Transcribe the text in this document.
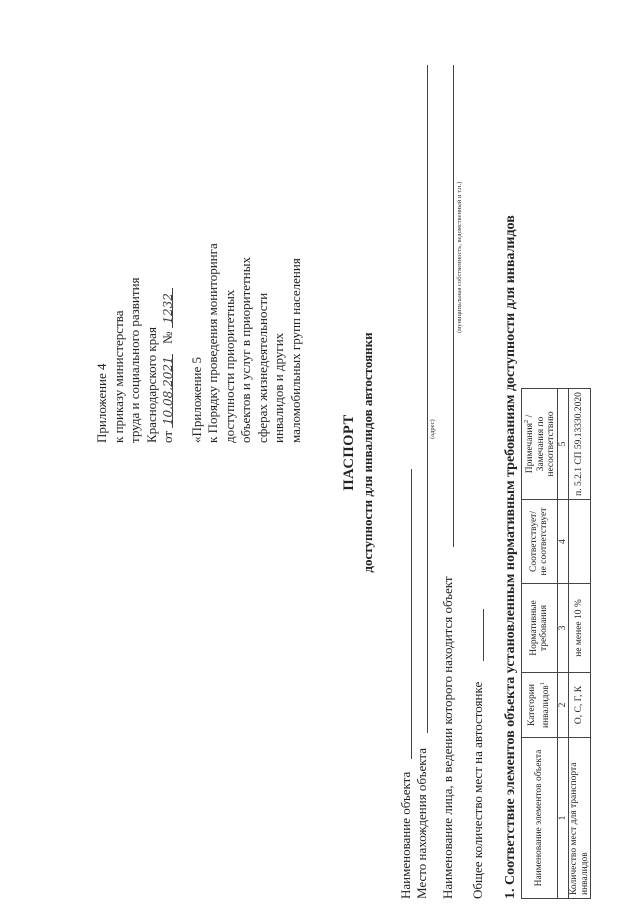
Приложение 4 к приказу министерства труда и социального развития Краснодарского края от 10.08.2021   № 1232
«Приложение 5 к Порядку проведения мониторинга доступности приоритетных объектов и услуг в приоритетных сферах жизнедеятельности инвалидов и других маломобильных групп населения
ПАСПОРТ доступности для инвалидов автостоянки
Наименование объекта Место нахождения объекта
(адрес)
Наименование лица, в ведении которого находится объект
(муниципальная собственность, ведомственный и т.п.)
Общее количество мест на автостоянке 1. Соответствие элементов объекта установленным нормативным требованиям доступности для инвалидов Наименование элементов объекта	Категории инвалидов$^1$	Нормативные
требования	Соответствует/
не соответствует	Примечания$^2$ /
Замечания по несоответствию
1	2	3	4	5
Количество мест для транспорта инвалидов	О, С, Г, К	не менее 10 %		п. 5.2.1 СП 59.13330.2020
